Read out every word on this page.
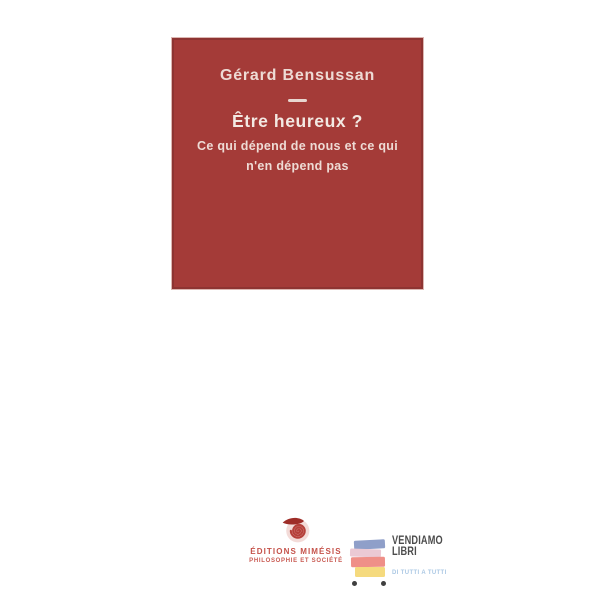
Gérard Bensussan
Être heureux ?
Ce qui dépend de nous et ce qui
n'en dépend pas
ÉDITIONS MIMÉSIS
PHILOSOPHIE ET SOCIÉTÉ
VENDIAMO
LIBRI
DI TUTTI A TUTTI
